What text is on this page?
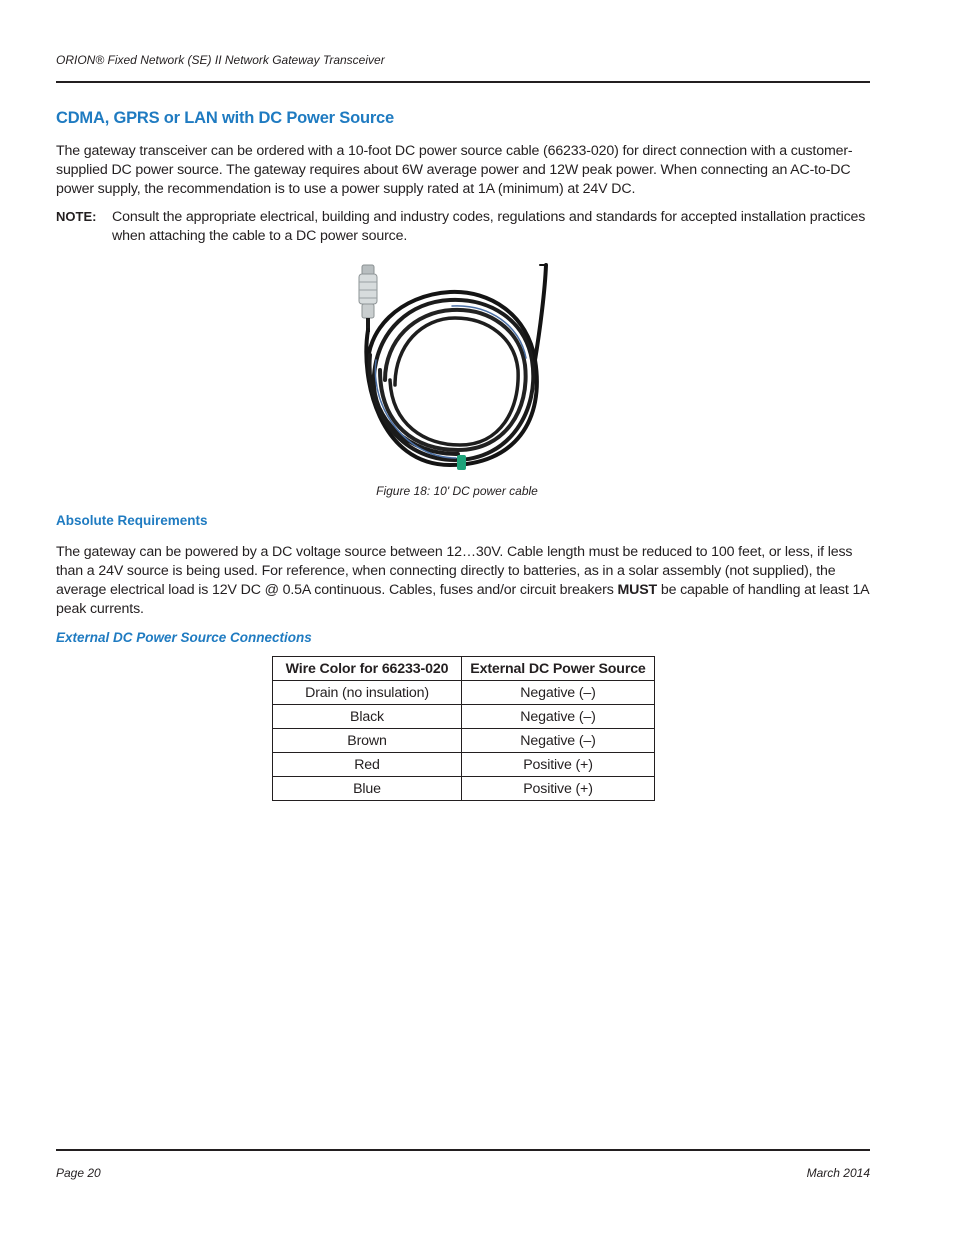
ORION® Fixed Network (SE) II Network Gateway Transceiver
CDMA, GPRS or LAN with DC Power Source
The gateway transceiver can be ordered with a 10-foot DC power source cable (66233-020) for direct connection with a customer-supplied DC power source. The gateway requires about 6W average power and 12W peak power. When connecting an AC-to-DC power supply, the recommendation is to use a power supply rated at 1A (minimum) at 24V DC.
NOTE: Consult the appropriate electrical, building and industry codes, regulations and standards for accepted installation practices when attaching the cable to a DC power source.
Figure 18: 10' DC power cable
Absolute Requirements
The gateway can be powered by a DC voltage source between 12…30V. Cable length must be reduced to 100 feet, or less, if less than a 24V source is being used. For reference, when connecting directly to batteries, as in a solar assembly (not supplied), the average electrical load is 12V DC @ 0.5A continuous. Cables, fuses and/or circuit breakers MUST be capable of handling at least 1A peak currents.
External DC Power Source Connections
Wire Color for 66233-020	External DC Power Source
Drain (no insulation)	Negative (–)
Black	Negative (–)
Brown	Negative (–)
Red	Positive (+)
Blue	Positive (+)
Page 20	March 2014
